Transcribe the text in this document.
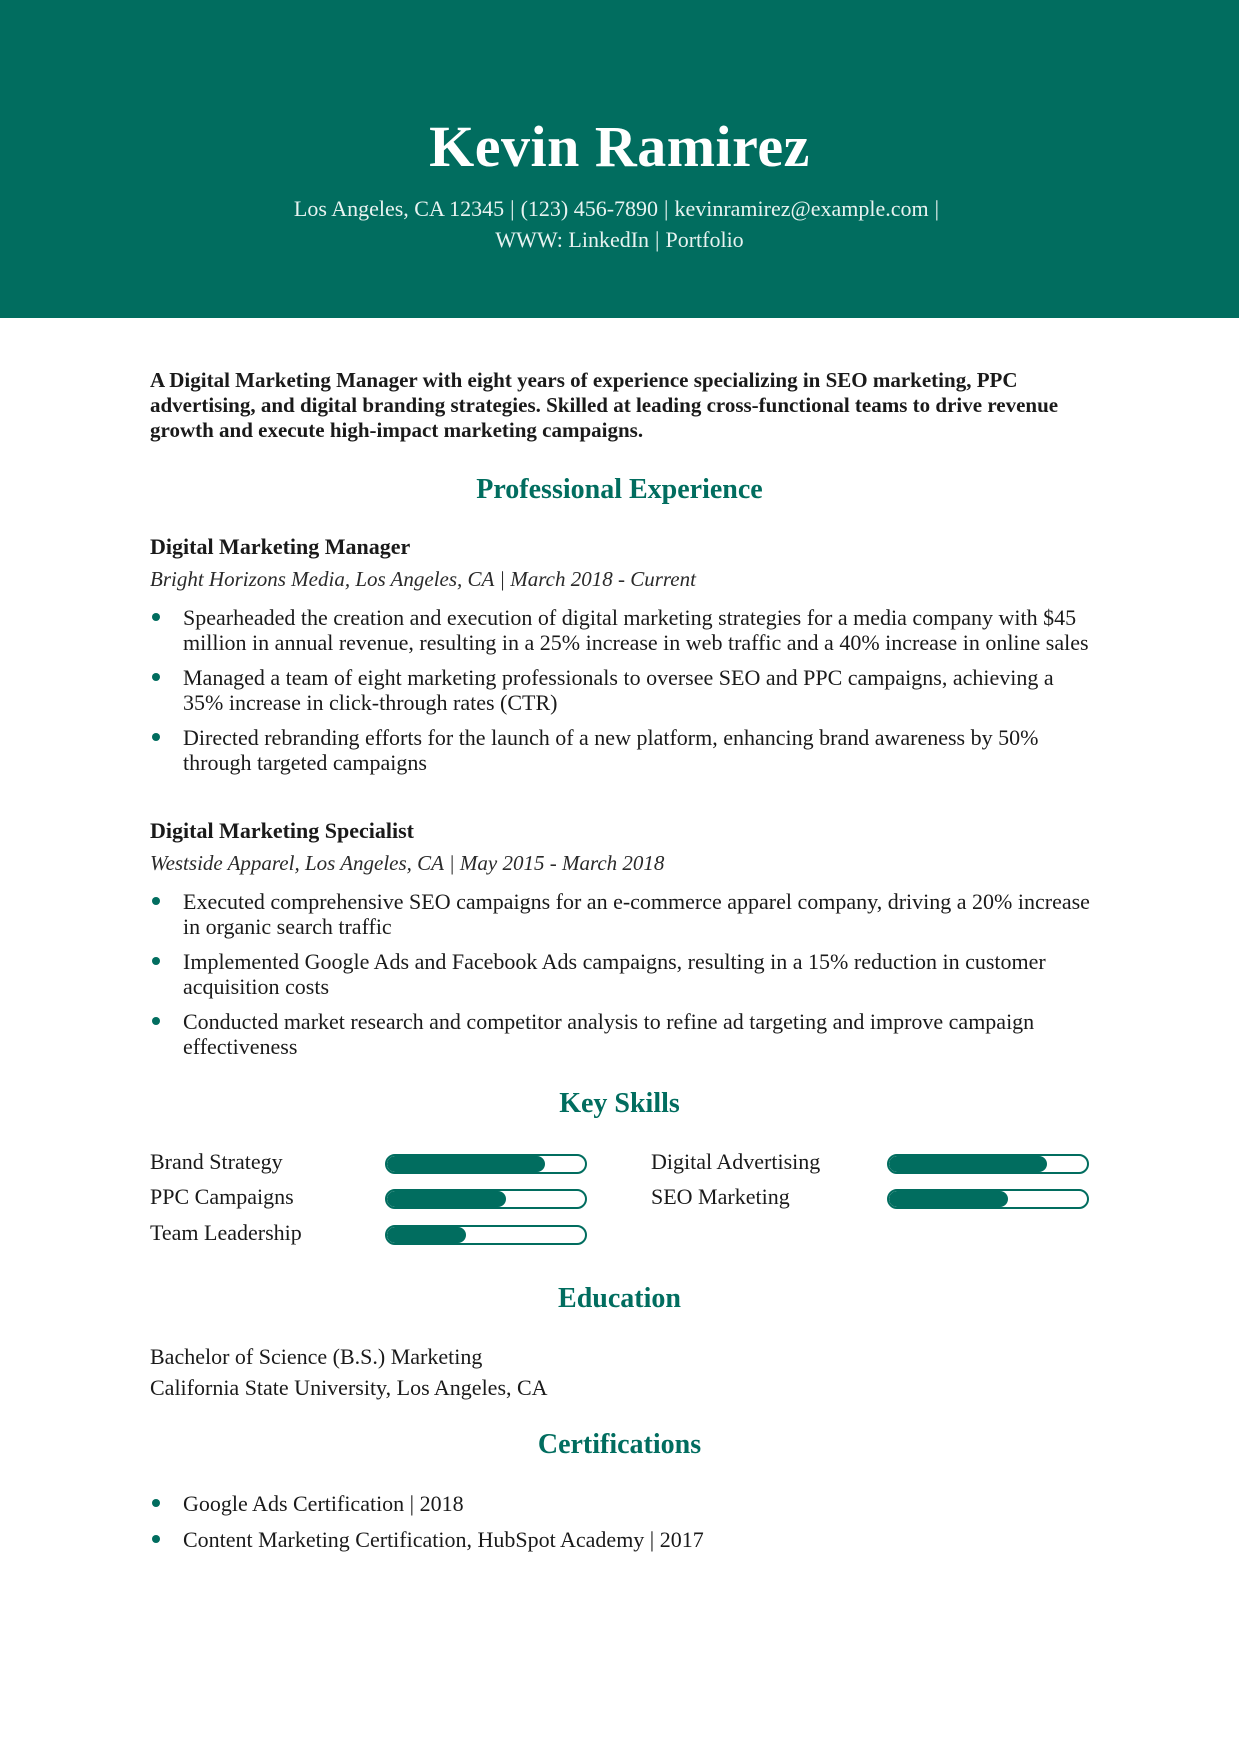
Kevin Ramirez
Los Angeles, CA 12345 | (123) 456-7890 | kevinramirez@example.com |
WWW: LinkedIn | Portfolio
A Digital Marketing Manager with eight years of experience specializing in SEO marketing, PPC advertising, and digital branding strategies. Skilled at leading cross-functional teams to drive revenue growth and execute high-impact marketing campaigns.
Professional Experience
Digital Marketing Manager
Bright Horizons Media, Los Angeles, CA | March 2018 - Current
Spearheaded the creation and execution of digital marketing strategies for a media company with $45 million in annual revenue, resulting in a 25% increase in web traffic and a 40% increase in online sales
Managed a team of eight marketing professionals to oversee SEO and PPC campaigns, achieving a 35% increase in click-through rates (CTR)
Directed rebranding efforts for the launch of a new platform, enhancing brand awareness by 50% through targeted campaigns
Digital Marketing Specialist
Westside Apparel, Los Angeles, CA | May 2015 - March 2018
Executed comprehensive SEO campaigns for an e-commerce apparel company, driving a 20% increase in organic search traffic
Implemented Google Ads and Facebook Ads campaigns, resulting in a 15% reduction in customer acquisition costs
Conducted market research and competitor analysis to refine ad targeting and improve campaign effectiveness
Key Skills
Brand Strategy	Digital Advertising
PPC Campaigns	SEO Marketing
Team Leadership
Education
Bachelor of Science (B.S.) Marketing
California State University, Los Angeles, CA
Certifications
Google Ads Certification | 2018
Content Marketing Certification, HubSpot Academy | 2017
